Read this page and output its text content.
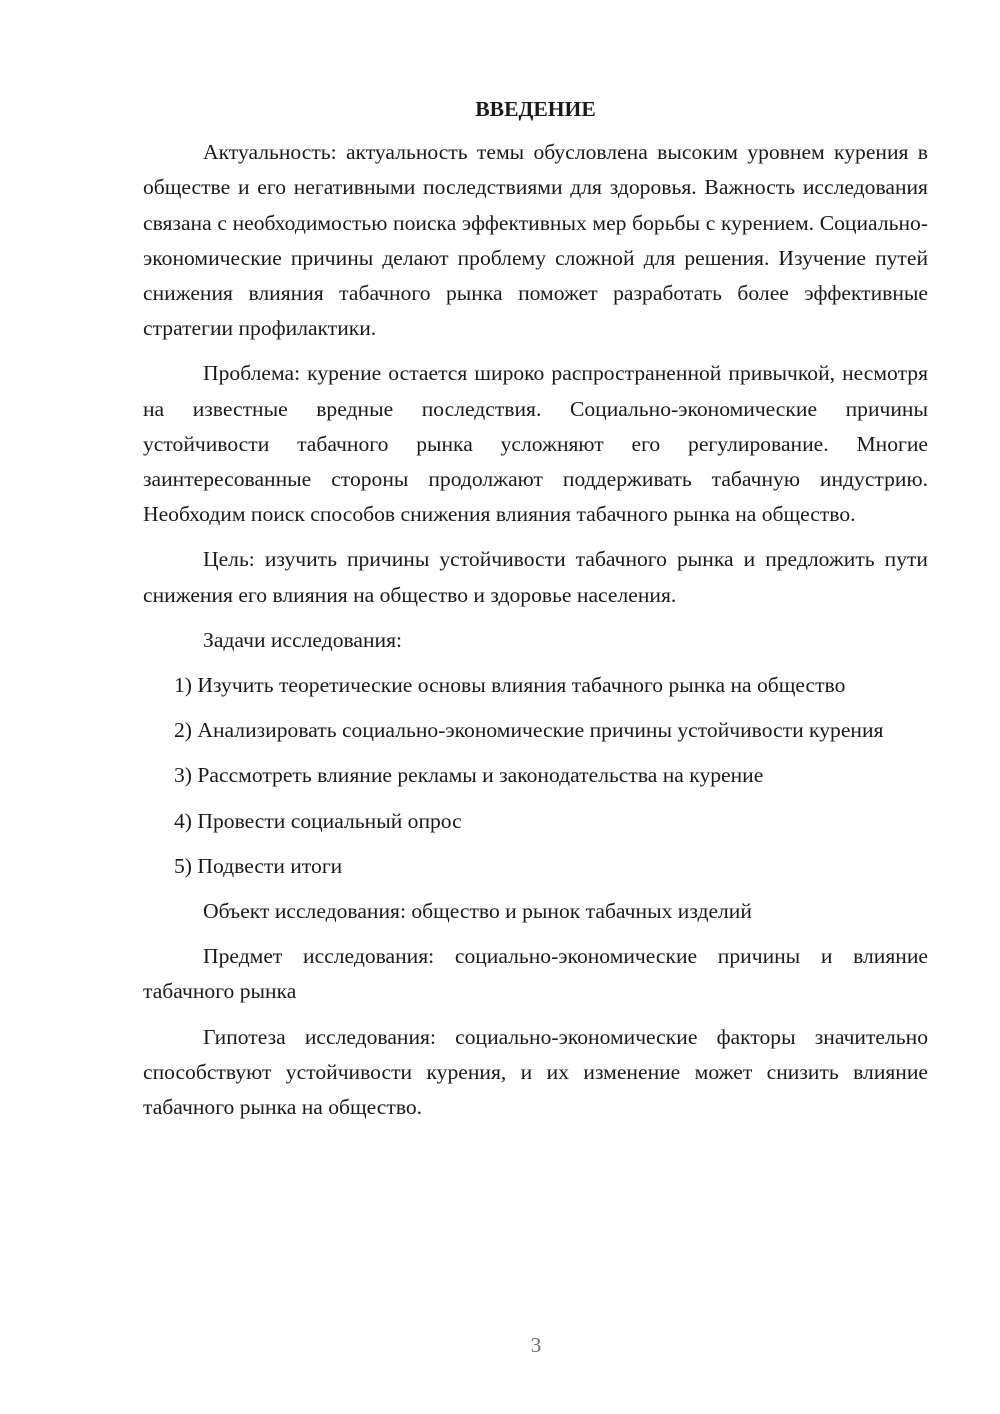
ВВЕДЕНИЕ

Актуальность: актуальность темы обусловлена высоким уровнем курения в обществе и его негативными последствиями для здоровья. Важность исследования связана с необходимостью поиска эффективных мер борьбы с курением. Социально-экономические причины делают проблему сложной для решения. Изучение путей снижения влияния табачного рынка поможет разработать более эффективные стратегии профилактики.

Проблема: курение остается широко распространенной привычкой, несмотря на известные вредные последствия. Социально-экономические причины устойчивости табачного рынка усложняют его регулирование. Многие заинтересованные стороны продолжают поддерживать табачную индустрию. Необходим поиск способов снижения влияния табачного рынка на общество.

Цель: изучить причины устойчивости табачного рынка и предложить пути снижения его влияния на общество и здоровье населения.

Задачи исследования:

1) Изучить теоретические основы влияния табачного рынка на общество

2) Анализировать социально-экономические причины устойчивости курения

3) Рассмотреть влияние рекламы и законодательства на курение

4) Провести социальный опрос

5) Подвести итоги

Объект исследования: общество и рынок табачных изделий

Предмет исследования: социально-экономические причины и влияние табачного рынка

Гипотеза исследования: социально-экономические факторы значительно способствуют устойчивости курения, и их изменение может снизить влияние табачного рынка на общество.

3
